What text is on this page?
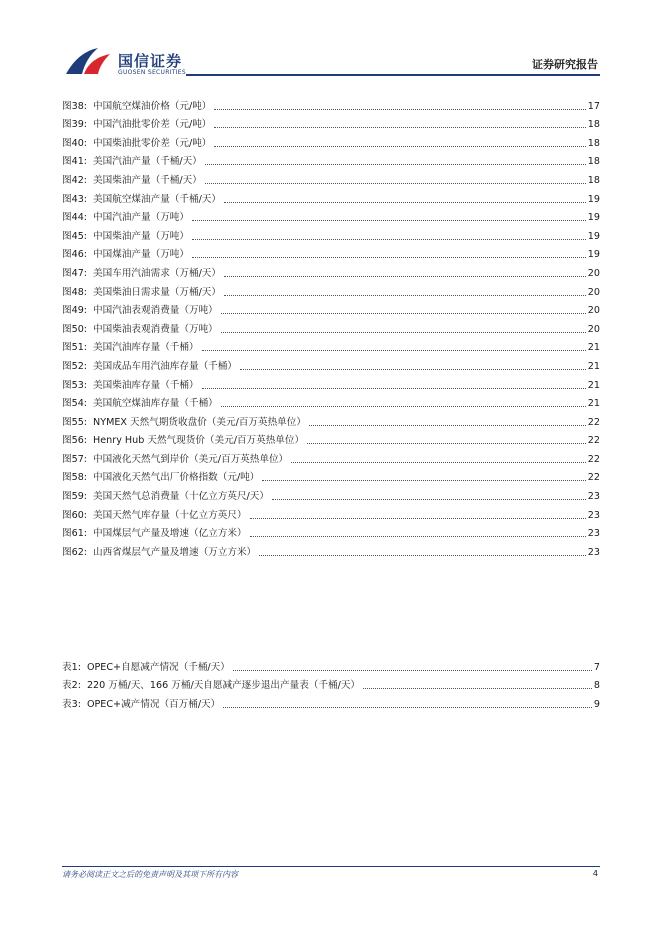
国信证券
GUOSEN SECURITIES
证券研究报告
图38: 中国航空煤油价格（元/吨）	17
图39: 中国汽油批零价差（元/吨）	18
图40: 中国柴油批零价差（元/吨）	18
图41: 美国汽油产量（千桶/天）	18
图42: 美国柴油产量（千桶/天）	18
图43: 美国航空煤油产量（千桶/天）	19
图44: 中国汽油产量（万吨）	19
图45: 中国柴油产量（万吨）	19
图46: 中国煤油产量（万吨）	19
图47: 美国车用汽油需求（万桶/天）	20
图48: 美国柴油日需求量（万桶/天）	20
图49: 中国汽油表观消费量（万吨）	20
图50: 中国柴油表观消费量（万吨）	20
图51: 美国汽油库存量（千桶）	21
图52: 美国成品车用汽油库存量（千桶）	21
图53: 美国柴油库存量（千桶）	21
图54: 美国航空煤油库存量（千桶）	21
图55: NYMEX 天然气期货收盘价（美元/百万英热单位）	22
图56: Henry Hub 天然气现货价（美元/百万英热单位）	22
图57: 中国液化天然气到岸价（美元/百万英热单位）	22
图58: 中国液化天然气出厂价格指数（元/吨）	22
图59: 美国天然气总消费量（十亿立方英尺/天）	23
图60: 美国天然气库存量（十亿立方英尺）	23
图61: 中国煤层气产量及增速（亿立方米）	23
图62: 山西省煤层气产量及增速（万立方米）	23
表1: OPEC+自愿减产情况（千桶/天）	7
表2: 220 万桶/天、166 万桶/天自愿减产逐步退出产量表（千桶/天）	8
表3: OPEC+减产情况（百万桶/天）	9
请务必阅读正文之后的免责声明及其项下所有内容	4
